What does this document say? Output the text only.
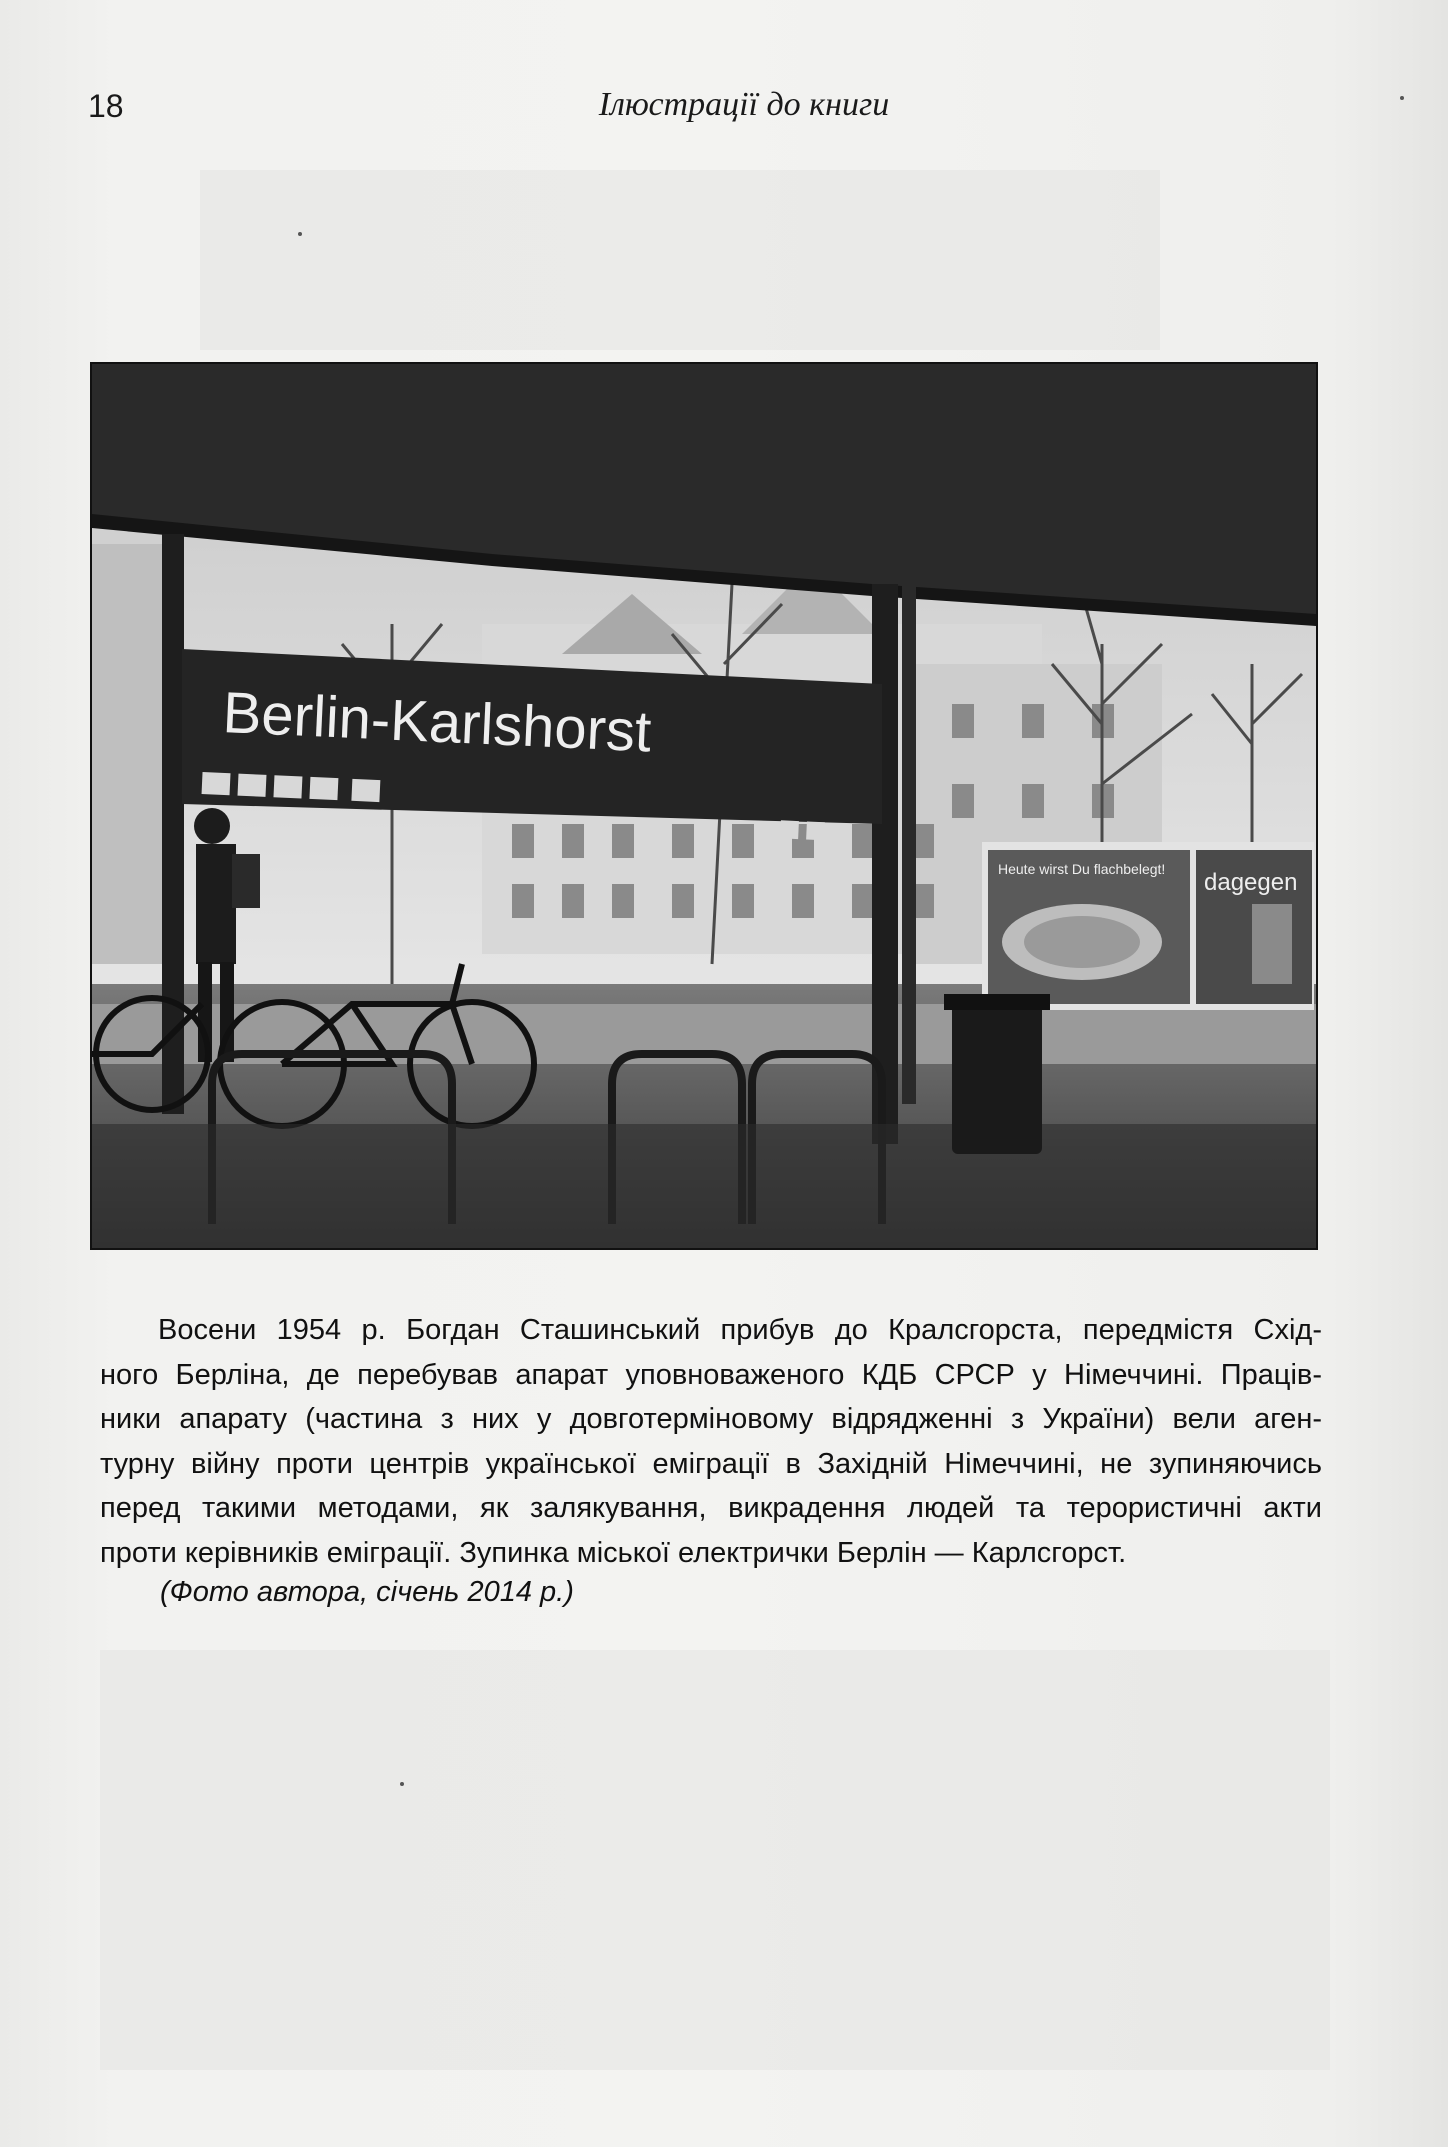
18	Ілюстрації до книги
Berlin-Karlshorst
Heute wirst Du flachbelegt! dagegen
Восени 1954 р. Богдан Сташинський прибув до Кралсгорста, передмістя Схід-
ного Берліна, де перебував апарат уповноваженого КДБ СРСР у Німеччині. Працiв-
ники апарату (частина з них у довготерміновому відрядженні з України) вели аген-
турну війну проти центрів української еміграції в Західній Німеччині, не зупиняючись
перед такими методами, як залякування, викрадення людей та терористичні акти
проти керівників еміграції. Зупинка міської електрички Берлін — Карлсгорст.
(Фото автора, січень 2014 р.)
